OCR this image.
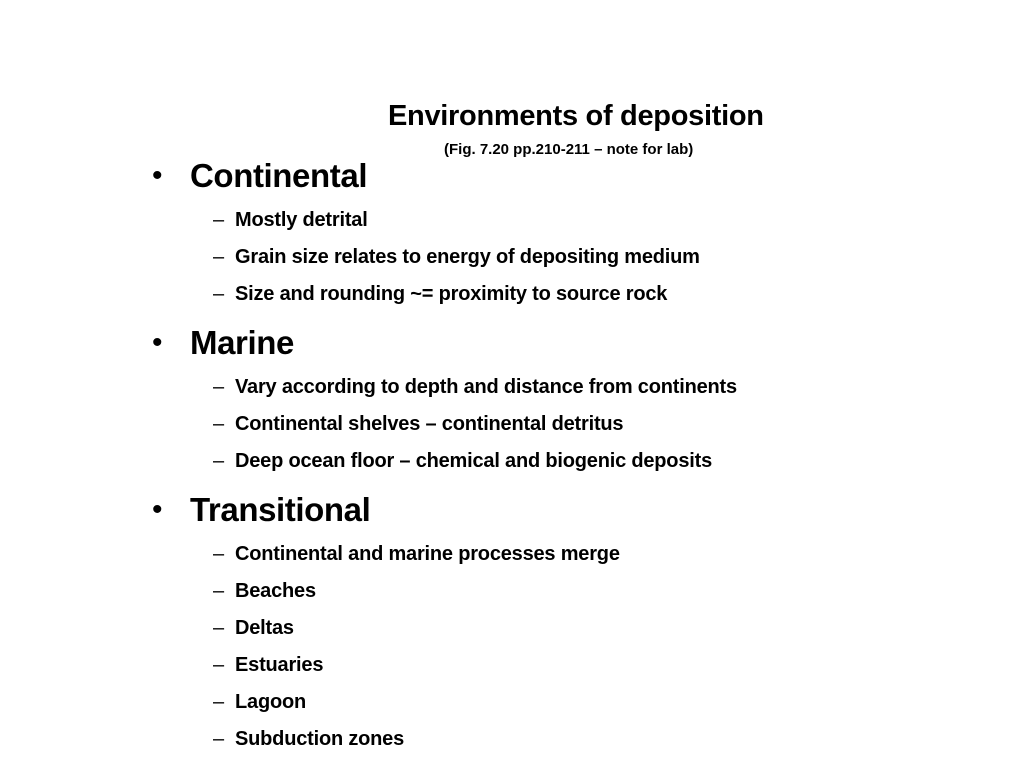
Environments of deposition
(Fig. 7.20 pp.210-211 – note for lab)
• Continental
– Mostly detrital
– Grain size relates to energy of depositing medium
– Size and rounding ~= proximity to source rock
• Marine
– Vary according to depth and distance from continents
– Continental shelves – continental detritus
– Deep ocean floor – chemical and biogenic deposits
• Transitional
– Continental and marine processes merge
– Beaches
– Deltas
– Estuaries
– Lagoon
– Subduction zones
